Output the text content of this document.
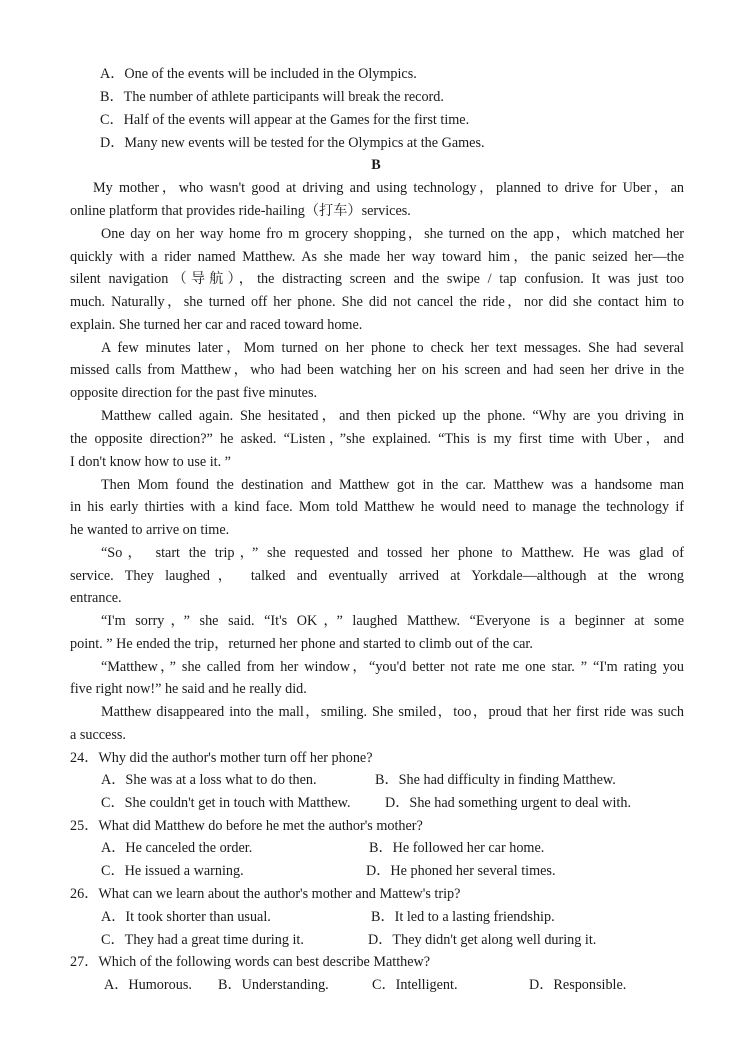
A．One of the events will be included in the Olympics.
B．The number of athlete participants will break the record.
C．Half of the events will appear at the Games for the first time.
D．Many new events will be tested for the Olympics at the Games.
B
My mother，who wasn't good at driving and using technology，planned to drive for Uber，an
online platform that provides ride-hailing（打车）services.
One day on her way home fro m grocery shopping，she turned on the app，which matched her
quickly with a rider named Matthew. As she made her way toward him，the panic seized her—the
silent navigation（导航），the distracting screen and the swipe / tap confusion. It was just too
much. Naturally，she turned off her phone. She did not cancel the ride，nor did she contact him to
explain. She turned her car and raced toward home.
A few minutes later，Mom turned on her phone to check her text messages. She had several
missed calls from Matthew，who had been watching her on his screen and had seen her drive in the
opposite direction for the past five minutes.
Matthew called again. She hesitated，and then picked up the phone. “Why are you driving in
the opposite direction?” he asked. “Listen，”she explained. “This is my first time with Uber，and
I don't know how to use it. ”
Then Mom found the destination and Matthew got in the car. Matthew was a handsome man
in his early thirties with a kind face. Mom told Matthew he would need to manage the technology if
he wanted to arrive on time.
“So， start the trip，” she requested and tossed her phone to Matthew. He was glad of
service. They laughed， talked and eventually arrived at Yorkdale—although at the wrong
entrance.
“I'm sorry，” she said. “It's OK，” laughed Matthew. “Everyone is a beginner at some
point. ” He ended the trip，returned her phone and started to climb out of the car.
“Matthew，” she called from her window，“you'd better not rate me one star. ” “I'm rating you
five right now!” he said and he really did.
Matthew disappeared into the mall，smiling. She smiled，too，proud that her first ride was such
a success.
24．Why did the author's mother turn off her phone?
A．She was at a loss what to do then.	B．She had difficulty in finding Matthew.
C．She couldn't get in touch with Matthew. D．She had something urgent to deal with.
25．What did Matthew do before he met the author's mother?
A．He canceled the order.	B．He followed her car home.
C．He issued a warning.	D．He phoned her several times.
26．What can we learn about the author's mother and Mattew's trip?
A．It took shorter than usual.	B．It led to a lasting friendship.
C．They had a great time during it.	D．They didn't get along well during it.
27．Which of the following words can best describe Matthew?
A．Humorous. B．Understanding.	C．Intelligent.	D．Responsible.
